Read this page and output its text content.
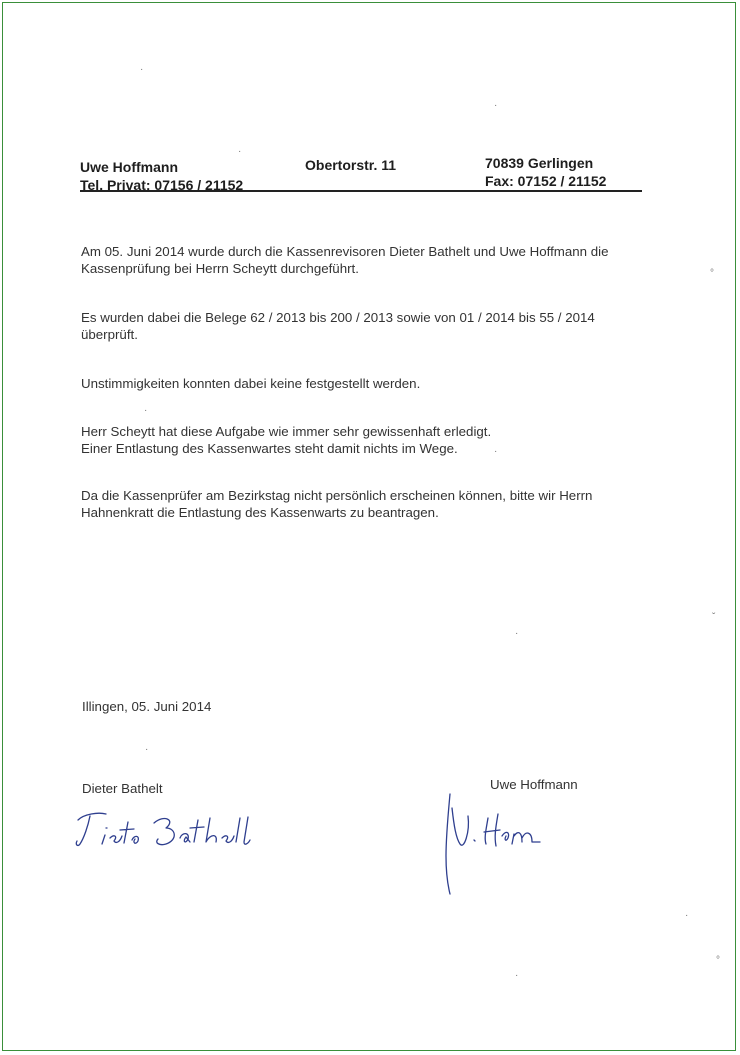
Uwe Hoffmann
Tel. Privat: 07156 / 21152
Obertorstr. 11	70839 Gerlingen
Fax: 07152 / 21152

Am 05. Juni 2014 wurde durch die Kassenrevisoren Dieter Bathelt und Uwe Hoffmann die Kassenprüfung bei Herrn Scheytt durchgeführt.

Es wurden dabei die Belege 62 / 2013 bis 200 / 2013 sowie von 01 / 2014 bis 55 / 2014 überprüft.

Unstimmigkeiten konnten dabei keine festgestellt werden.

Herr Scheytt hat diese Aufgabe wie immer sehr gewissenhaft erledigt.

Einer Entlastung des Kassenwartes steht damit nichts im Wege.

Da die Kassenprüfer am Bezirkstag nicht persönlich erscheinen können, bitte wir Herrn Hahnenkratt die Entlastung des Kassenwarts zu beantragen.

Illingen, 05. Juni 2014
Dieter Bathelt	Uwe Hoffmann
·
·
·
°
·
·
ˇ
·
·
·
°
·
